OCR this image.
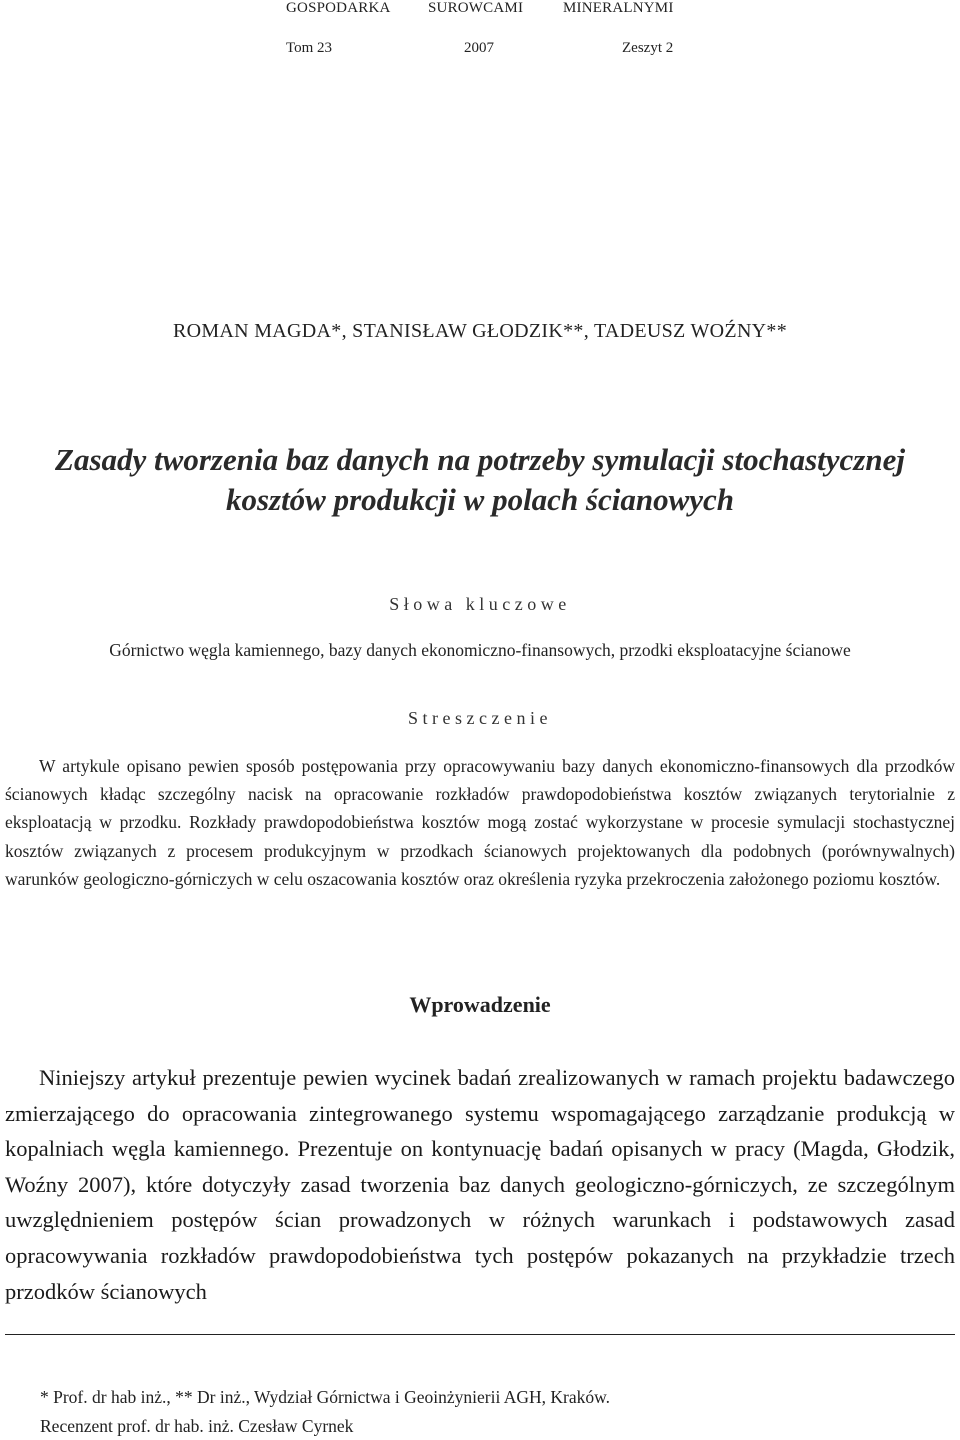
GOSPODARKA SUROWCAMI	MINERALNYMI
Tom 23	2007	Zeszyt 2
ROMAN MAGDA*, STANISŁAW GŁODZIK**, TADEUSZ WOŹNY**
Zasady tworzenia baz danych na potrzeby symulacji stochastycznej
kosztów produkcji w polach ścianowych
Słowa kluczowe
Górnictwo węgla kamiennego, bazy danych ekonomiczno-finansowych, przodki eksploatacyjne ścianowe
Streszczenie

W artykule opisano pewien sposób postępowania przy opracowywaniu bazy danych ekonomiczno-finansowych dla przodków ścianowych kładąc szczególny nacisk na opracowanie rozkładów prawdopodobieństwa kosztów związanych terytorialnie z eksploatacją w przodku. Rozkłady prawdopodobieństwa kosztów mogą zostać wykorzystane w procesie symulacji stochastycznej kosztów związanych z procesem produkcyjnym w przodkach ścianowych projektowanych dla podobnych (porównywalnych) warunków geologiczno-górniczych w celu oszacowania kosztów oraz określenia ryzyka przekroczenia założonego poziomu kosztów.

Wprowadzenie

Niniejszy artykuł prezentuje pewien wycinek badań zrealizowanych w ramach projektu badawczego zmierzającego do opracowania zintegrowanego systemu wspomagającego zarządzanie produkcją w kopalniach węgla kamiennego. Prezentuje on kontynuację badań opisanych w pracy (Magda, Głodzik, Woźny 2007), które dotyczyły zasad tworzenia baz danych geologiczno-górniczych, ze szczególnym uwzględnieniem postępów ścian prowadzonych w różnych warunkach i podstawowych zasad opracowywania rozkładów prawdopodobieństwa tych postępów pokazanych na przykładzie trzech przodków ścianowych

* Prof. dr hab inż., ** Dr inż., Wydział Górnictwa i Geoinżynierii AGH, Kraków.
Recenzent prof. dr hab. inż. Czesław Cyrnek
